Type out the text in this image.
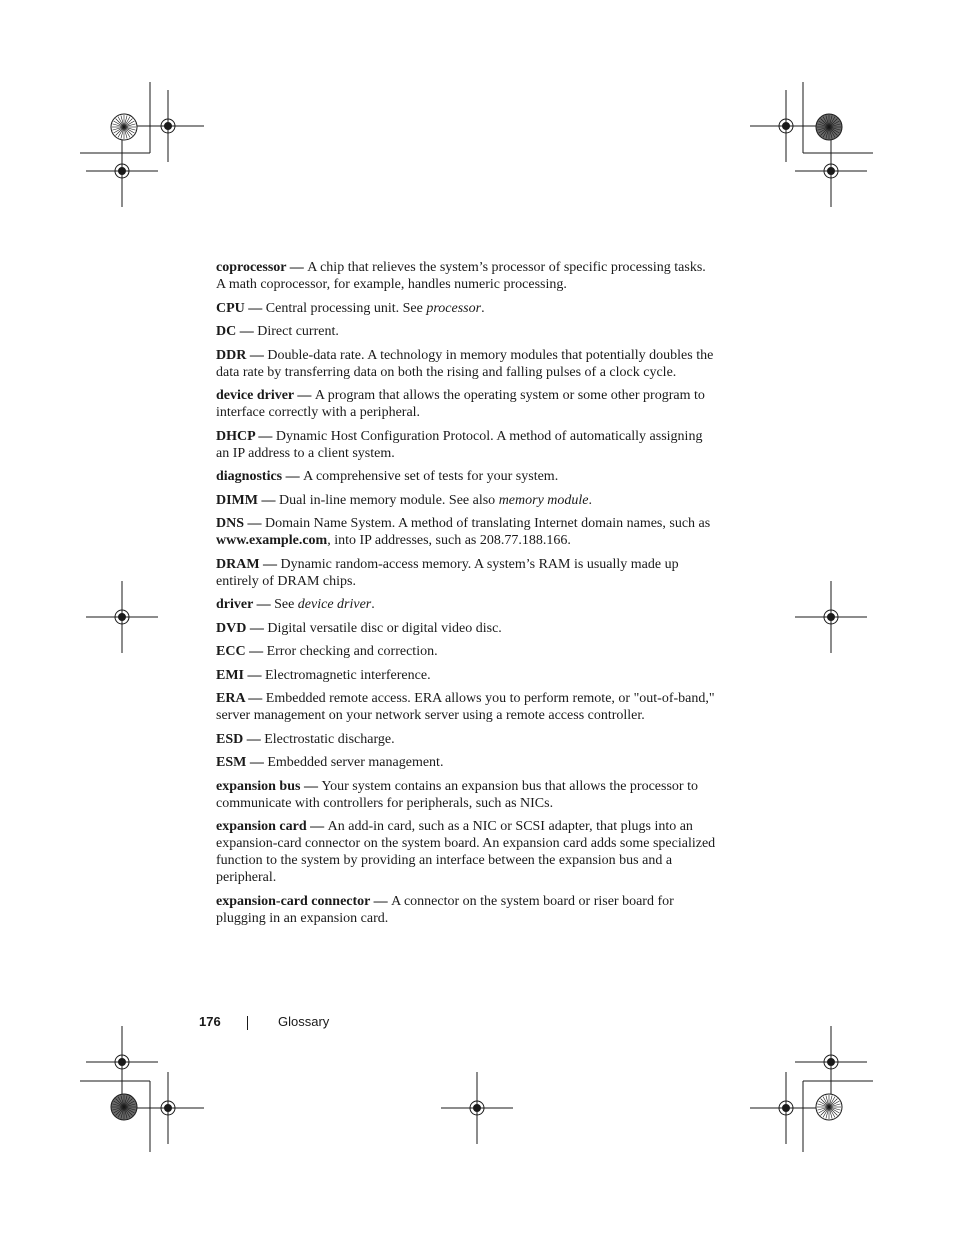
coprocessor — A chip that relieves the system’s processor of specific processing tasks. A math coprocessor, for example, handles numeric processing.

CPU — Central processing unit. See processor.

DC — Direct current.

DDR — Double-data rate. A technology in memory modules that potentially doubles the data rate by transferring data on both the rising and falling pulses of a clock cycle.

device driver — A program that allows the operating system or some other program to interface correctly with a peripheral.

DHCP — Dynamic Host Configuration Protocol. A method of automatically assigning an IP address to a client system.

diagnostics — A comprehensive set of tests for your system.

DIMM — Dual in-line memory module. See also memory module.

DNS — Domain Name System. A method of translating Internet domain names, such as www.example.com, into IP addresses, such as 208.77.188.166.

DRAM — Dynamic random-access memory. A system’s RAM is usually made up entirely of DRAM chips.

driver — See device driver.

DVD — Digital versatile disc or digital video disc.

ECC — Error checking and correction.

EMI — Electromagnetic interference.

ERA — Embedded remote access. ERA allows you to perform remote, or "out-of-band," server management on your network server using a remote access controller.

ESD — Electrostatic discharge.

ESM — Embedded server management.

expansion bus — Your system contains an expansion bus that allows the processor to communicate with controllers for peripherals, such as NICs.

expansion card — An add-in card, such as a NIC or SCSI adapter, that plugs into an expansion-card connector on the system board. An expansion card adds some specialized function to the system by providing an interface between the expansion bus and a peripheral.

expansion-card connector — A connector on the system board or riser board for plugging in an expansion card.

176	Glossary
